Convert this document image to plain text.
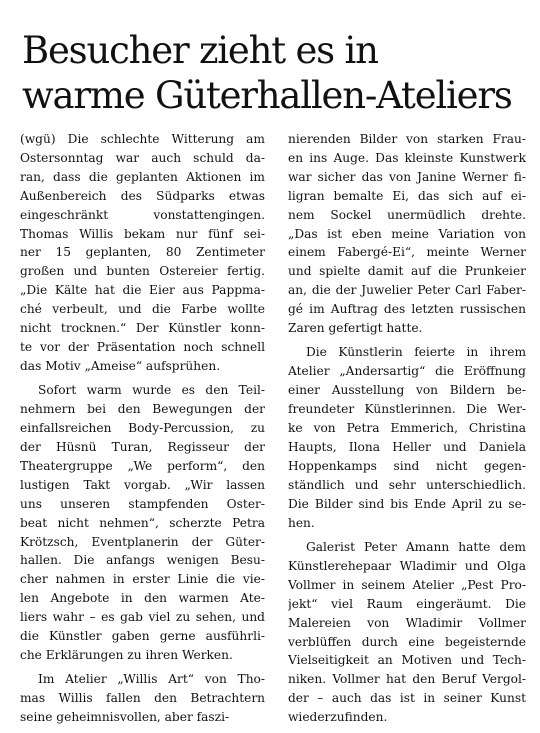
Besucher zieht es in
warme Güterhallen-Ateliers
(wgü) Die schlechte Witterung am
Ostersonntag war auch schuld da-
ran, dass die geplanten Aktionen im
Außenbereich des Südparks etwas
eingeschränkt vonstattengingen.
Thomas Willis bekam nur fünf sei-
ner 15 geplanten, 80 Zentimeter
großen und bunten Ostereier fertig.
„Die Kälte hat die Eier aus Pappma-
ché verbeult, und die Farbe wollte
nicht trocknen.“ Der Künstler konn-
te vor der Präsentation noch schnell
das Motiv „Ameise“ aufsprühen.
Sofort warm wurde es den Teil-
nehmern bei den Bewegungen der
einfallsreichen Body-Percussion, zu
der Hüsnü Turan, Regisseur der
Theatergruppe „We perform“, den
lustigen Takt vorgab. „Wir lassen
uns unseren stampfenden Oster-
beat nicht nehmen“, scherzte Petra
Krötzsch, Eventplanerin der Güter-
hallen. Die anfangs wenigen Besu-
cher nahmen in erster Linie die vie-
len Angebote in den warmen Ate-
liers wahr – es gab viel zu sehen, und
die Künstler gaben gerne ausführli-
che Erklärungen zu ihren Werken.
Im Atelier „Willis Art“ von Tho-
mas Willis fallen den Betrachtern
seine geheimnisvollen, aber faszi-
nierenden Bilder von starken Frau-
en ins Auge. Das kleinste Kunstwerk
war sicher das von Janine Werner fi-
ligran bemalte Ei, das sich auf ei-
nem Sockel unermüdlich drehte.
„Das ist eben meine Variation von
einem Fabergé-Ei“, meinte Werner
und spielte damit auf die Prunkeier
an, die der Juwelier Peter Carl Faber-
gé im Auftrag des letzten russischen
Zaren gefertigt hatte.
Die Künstlerin feierte in ihrem
Atelier „Andersartig“ die Eröffnung
einer Ausstellung von Bildern be-
freundeter Künstlerinnen. Die Wer-
ke von Petra Emmerich, Christina
Haupts, Ilona Heller und Daniela
Hoppenkamps sind nicht gegen-
ständlich und sehr unterschiedlich.
Die Bilder sind bis Ende April zu se-
hen.
Galerist Peter Amann hatte dem
Künstlerehepaar Wladimir und Olga
Vollmer in seinem Atelier „Pest Pro-
jekt“ viel Raum eingeräumt. Die
Malereien von Wladimir Vollmer
verblüffen durch eine begeisternde
Vielseitigkeit an Motiven und Tech-
niken. Vollmer hat den Beruf Vergol-
der – auch das ist in seiner Kunst
wiederzufinden.
